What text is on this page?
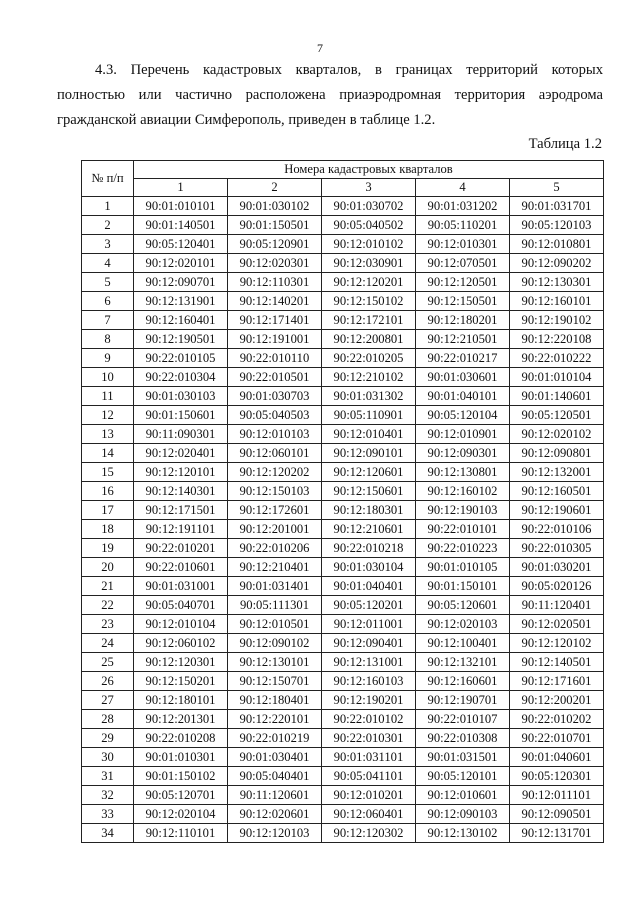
7
4.3. Перечень кадастровых кварталов, в границах территорий которых
полностью или частично расположена приаэродромная территория аэродрома
гражданской авиации Симферополь, приведен в таблице 1.2.
Таблица 1.2
№ п/п	Номера кадастровых кварталов				
	1	2	3	4	5
1	90:01:010101	90:01:030102	90:01:030702	90:01:031202	90:01:031701
2	90:01:140501	90:01:150501	90:05:040502	90:05:110201	90:05:120103
3	90:05:120401	90:05:120901	90:12:010102	90:12:010301	90:12:010801
4	90:12:020101	90:12:020301	90:12:030901	90:12:070501	90:12:090202
5	90:12:090701	90:12:110301	90:12:120201	90:12:120501	90:12:130301
6	90:12:131901	90:12:140201	90:12:150102	90:12:150501	90:12:160101
7	90:12:160401	90:12:171401	90:12:172101	90:12:180201	90:12:190102
8	90:12:190501	90:12:191001	90:12:200801	90:12:210501	90:12:220108
9	90:22:010105	90:22:010110	90:22:010205	90:22:010217	90:22:010222
10	90:22:010304	90:22:010501	90:12:210102	90:01:030601	90:01:010104
11	90:01:030103	90:01:030703	90:01:031302	90:01:040101	90:01:140601
12	90:01:150601	90:05:040503	90:05:110901	90:05:120104	90:05:120501
13	90:11:090301	90:12:010103	90:12:010401	90:12:010901	90:12:020102
14	90:12:020401	90:12:060101	90:12:090101	90:12:090301	90:12:090801
15	90:12:120101	90:12:120202	90:12:120601	90:12:130801	90:12:132001
16	90:12:140301	90:12:150103	90:12:150601	90:12:160102	90:12:160501
17	90:12:171501	90:12:172601	90:12:180301	90:12:190103	90:12:190601
18	90:12:191101	90:12:201001	90:12:210601	90:22:010101	90:22:010106
19	90:22:010201	90:22:010206	90:22:010218	90:22:010223	90:22:010305
20	90:22:010601	90:12:210401	90:01:030104	90:01:010105	90:01:030201
21	90:01:031001	90:01:031401	90:01:040401	90:01:150101	90:05:020126
22	90:05:040701	90:05:111301	90:05:120201	90:05:120601	90:11:120401
23	90:12:010104	90:12:010501	90:12:011001	90:12:020103	90:12:020501
24	90:12:060102	90:12:090102	90:12:090401	90:12:100401	90:12:120102
25	90:12:120301	90:12:130101	90:12:131001	90:12:132101	90:12:140501
26	90:12:150201	90:12:150701	90:12:160103	90:12:160601	90:12:171601
27	90:12:180101	90:12:180401	90:12:190201	90:12:190701	90:12:200201
28	90:12:201301	90:12:220101	90:22:010102	90:22:010107	90:22:010202
29	90:22:010208	90:22:010219	90:22:010301	90:22:010308	90:22:010701
30	90:01:010301	90:01:030401	90:01:031101	90:01:031501	90:01:040601
31	90:01:150102	90:05:040401	90:05:041101	90:05:120101	90:05:120301
32	90:05:120701	90:11:120601	90:12:010201	90:12:010601	90:12:011101
33	90:12:020104	90:12:020601	90:12:060401	90:12:090103	90:12:090501
34	90:12:110101	90:12:120103	90:12:120302	90:12:130102	90:12:131701
